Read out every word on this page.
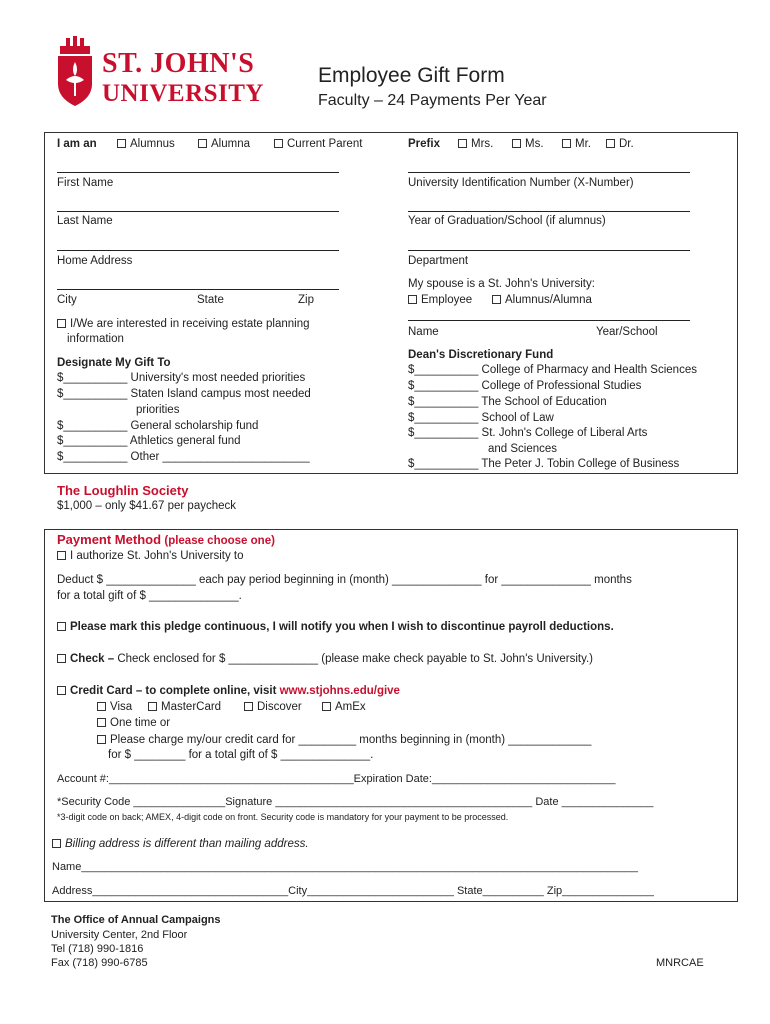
ST. JOHN'S
UNIVERSITY
Employee Gift Form
Faculty – 24 Payments Per Year
I am an	Alumnus	Alumna	Current Parent	Prefix	Mrs.	Ms.	Mr.	Dr.
First Name
Last Name
Home Address
City	State	Zip
I/We are interested in receiving estate planning
information
University Identification Number (X-Number)
Year of Graduation/School (if alumnus)
Department
My spouse is a St. John's University:
Employee	Alumnus/Alumna
Name	Year/School
Designate My Gift To
$__________ University's most needed priorities
$__________ Staten Island campus most needed
priorities
$__________ General scholarship fund
$__________ Athletics general fund
$__________ Other _______________________
Dean's Discretionary Fund
$__________ College of Pharmacy and Health Sciences
$__________ College of Professional Studies
$__________ The School of Education
$__________ School of Law
$__________ St. John's College of Liberal Arts
and Sciences
$__________ The Peter J. Tobin College of Business
The Loughlin Society
$1,000 – only $41.67 per paycheck
Payment Method (please choose one)
I authorize St. John's University to
Deduct $ ______________ each pay period beginning in (month) ______________ for ______________ months
for a total gift of $ ______________.
Please mark this pledge continuous, I will notify you when I wish to discontinue payroll deductions.
Check – Check enclosed for $ ______________ (please make check payable to St. John's University.)
Credit Card – to complete online, visit www.stjohns.edu/give
Visa	MasterCard	Discover	AmEx
One time or
Please charge my/our credit card for _________ months beginning in (month) _____________
for $ ________ for a total gift of $ ______________.
Account #:________________________________________Expiration Date:______________________________
*Security Code _______________Signature __________________________________________ Date _______________
*3-digit code on back; AMEX, 4-digit code on front. Security code is mandatory for your payment to be processed.
Billing address is different than mailing address.
Name___________________________________________________________________________________________
Address________________________________City________________________ State__________ Zip_______________
The Office of Annual Campaigns
University Center, 2nd Floor
Tel (718) 990-1816
Fax (718) 990-6785	MNRCAE
